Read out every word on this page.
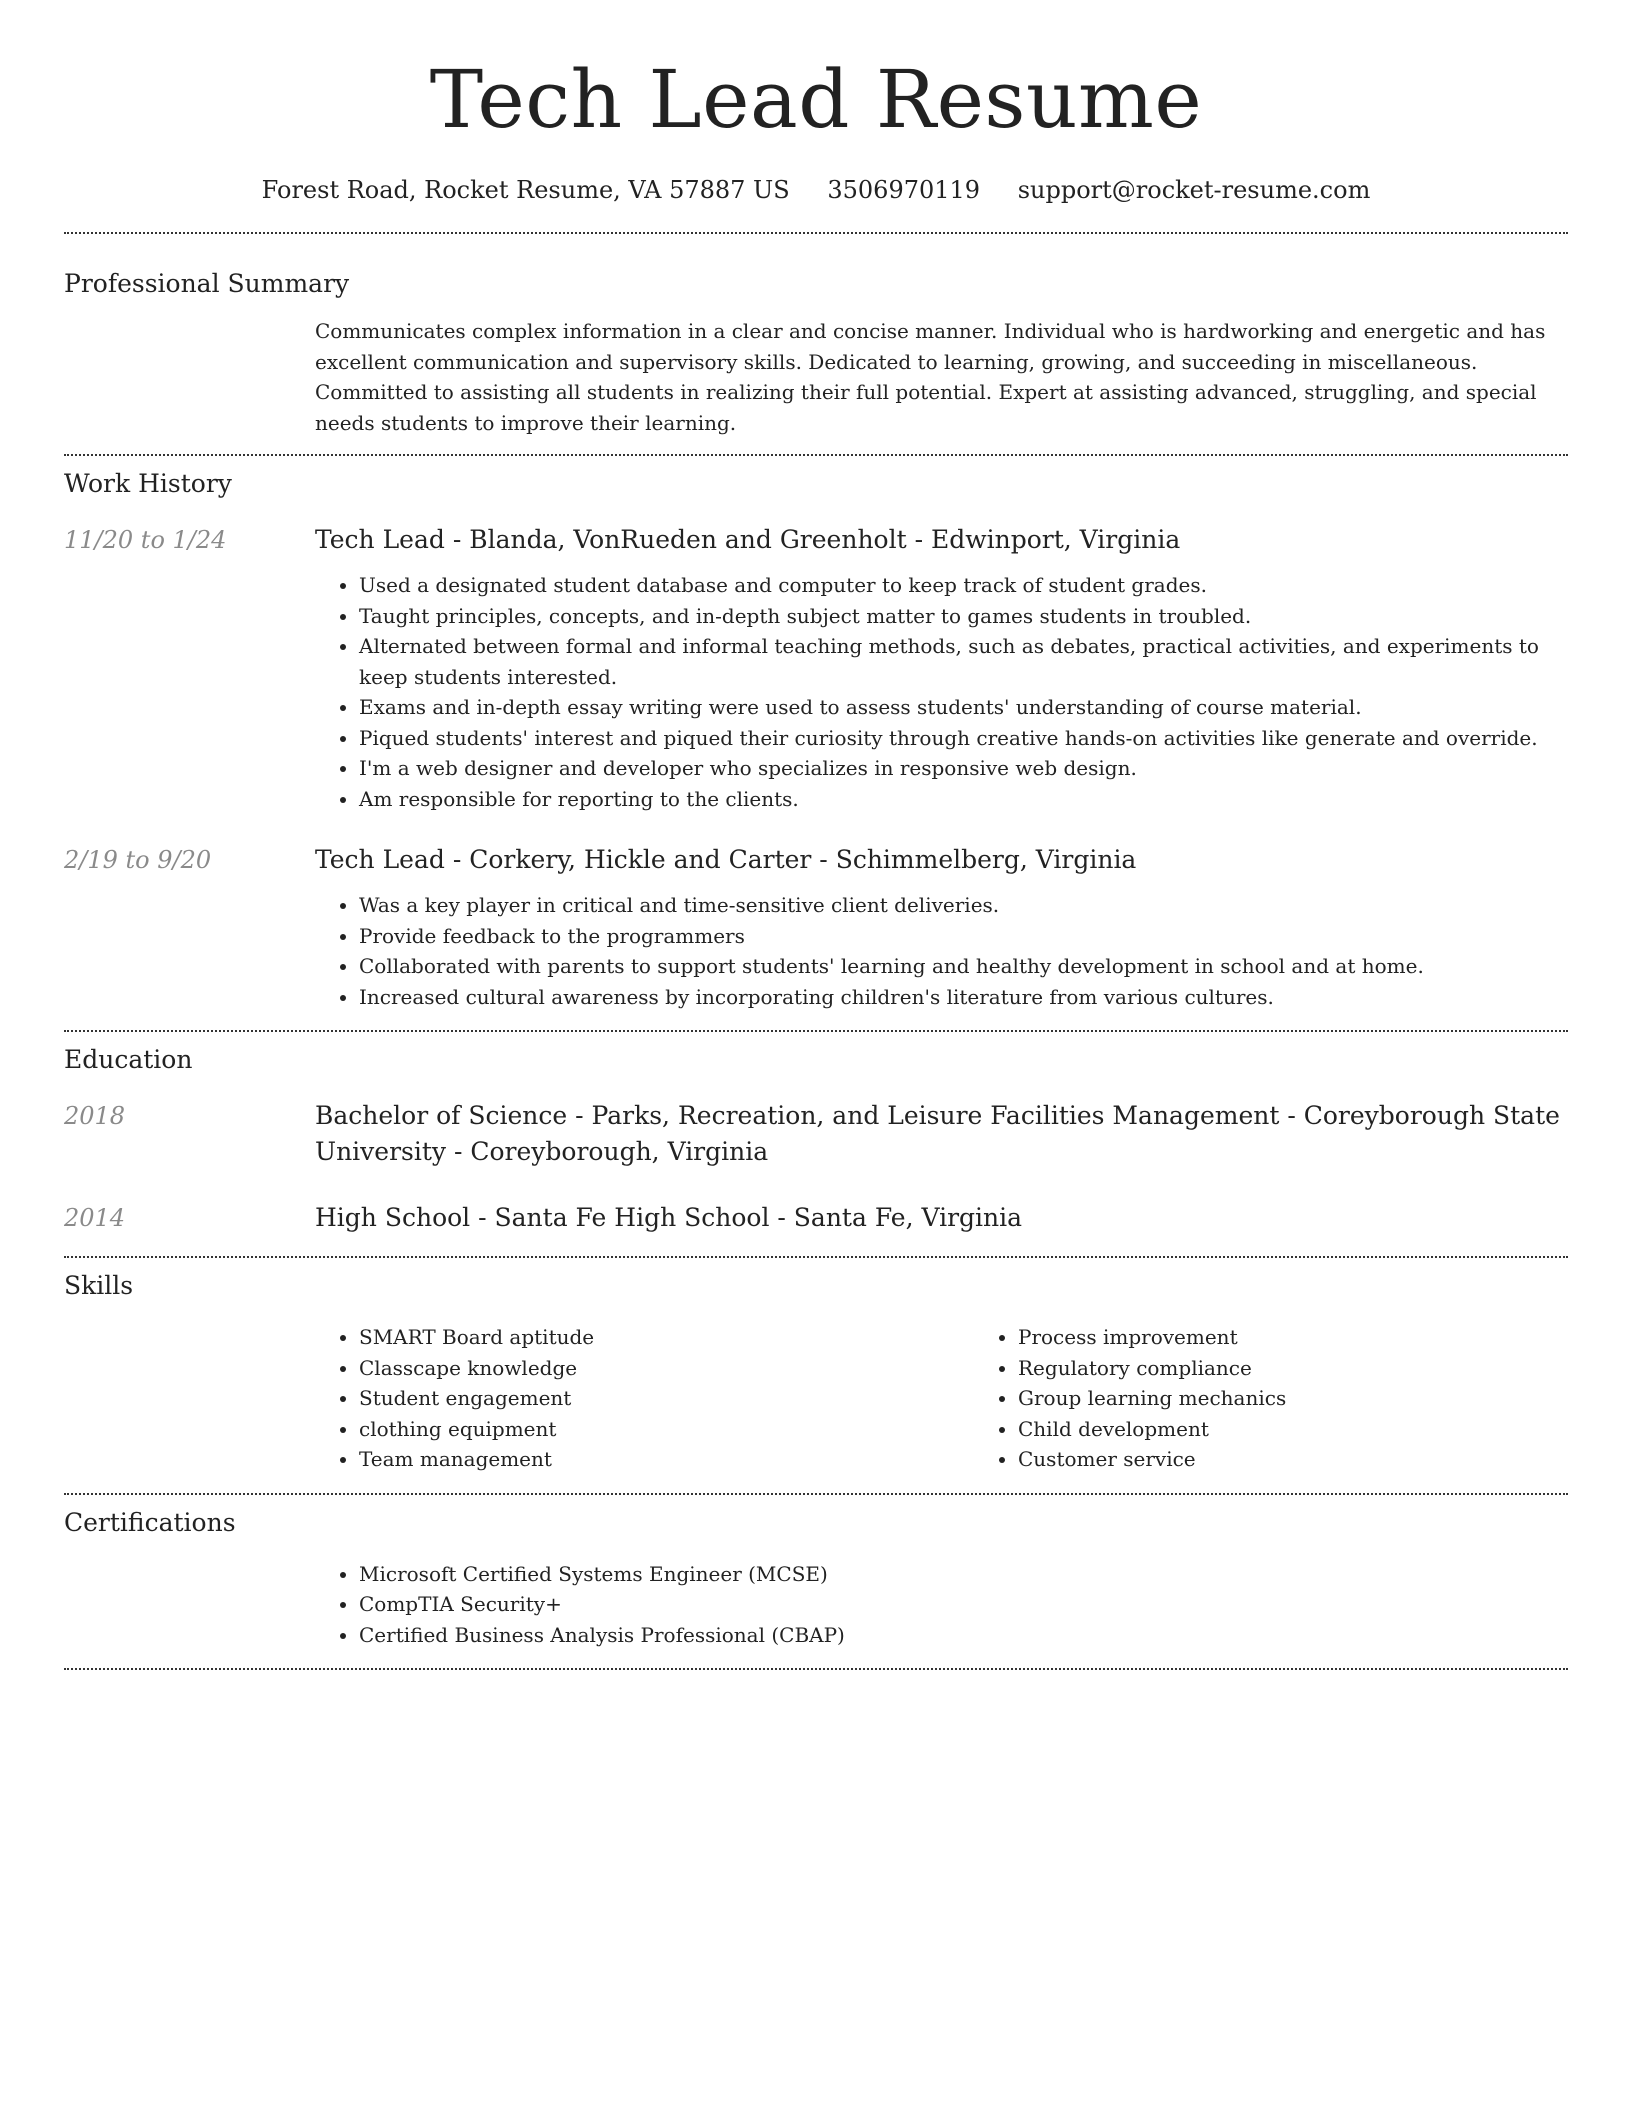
Tech Lead Resume
Forest Road, Rocket Resume, VA 57887 US 3506970119 support@rocket-resume.com
Professional Summary
Communicates complex information in a clear and concise manner. Individual who is hardworking and energetic and has excellent communication and supervisory skills. Dedicated to learning, growing, and succeeding in miscellaneous. Committed to assisting all students in realizing their full potential. Expert at assisting advanced, struggling, and special needs students to improve their learning.
Work History
11/20 to 1/24	Tech Lead - Blanda, VonRueden and Greenholt - Edwinport, Virginia
• Used a designated student database and computer to keep track of student grades.
• Taught principles, concepts, and in-depth subject matter to games students in troubled.
• Alternated between formal and informal teaching methods, such as debates, practical activities, and experiments to keep students interested.
• Exams and in-depth essay writing were used to assess students' understanding of course material.
• Piqued students' interest and piqued their curiosity through creative hands-on activities like generate and override.
• I'm a web designer and developer who specializes in responsive web design.
• Am responsible for reporting to the clients.
2/19 to 9/20	Tech Lead - Corkery, Hickle and Carter - Schimmelberg, Virginia
• Was a key player in critical and time-sensitive client deliveries.
• Provide feedback to the programmers
• Collaborated with parents to support students' learning and healthy development in school and at home.
• Increased cultural awareness by incorporating children's literature from various cultures.
Education
2018	Bachelor of Science - Parks, Recreation, and Leisure Facilities Management - Coreyborough State University - Coreyborough, Virginia
2014	High School - Santa Fe High School - Santa Fe, Virginia
Skills
• SMART Board aptitude
• Classcape knowledge
• Student engagement
• clothing equipment
• Team management
• Process improvement
• Regulatory compliance
• Group learning mechanics
• Child development
• Customer service
Certifications
• Microsoft Certified Systems Engineer (MCSE)
• CompTIA Security+
• Certified Business Analysis Professional (CBAP)
